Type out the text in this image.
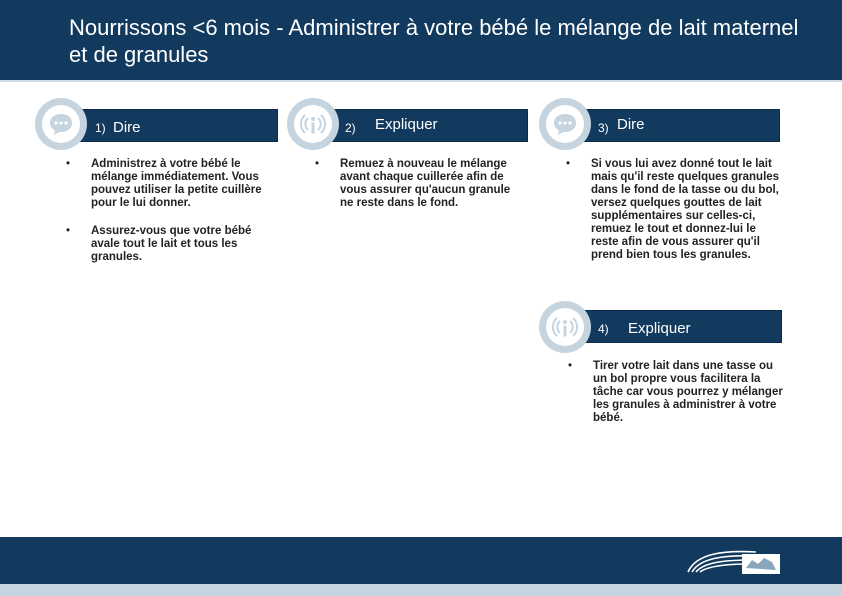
Nourrissons <6 mois - Administrer à votre bébé le mélange de lait maternel et de granules
1) Dire
• Administrez à votre bébé le mélange immédiatement. Vous pouvez utiliser la petite cuillère pour le lui donner.
• Assurez-vous que votre bébé avale tout le lait et tous les granules.
2) Expliquer
• Remuez à nouveau le mélange avant chaque cuillerée afin de vous assurer qu'aucun granule ne reste dans le fond.
3) Dire
• Si vous lui avez donné tout le lait mais qu'il reste quelques granules dans le fond de la tasse ou du bol, versez quelques gouttes de lait supplémentaires sur celles-ci, remuez le tout et donnez-lui le reste afin de vous assurer qu'il prend bien tous les granules.
4) Expliquer
• Tirer votre lait dans une tasse ou un bol propre vous facilitera la tâche car vous pourrez y mélanger les granules à administrer à votre bébé.
